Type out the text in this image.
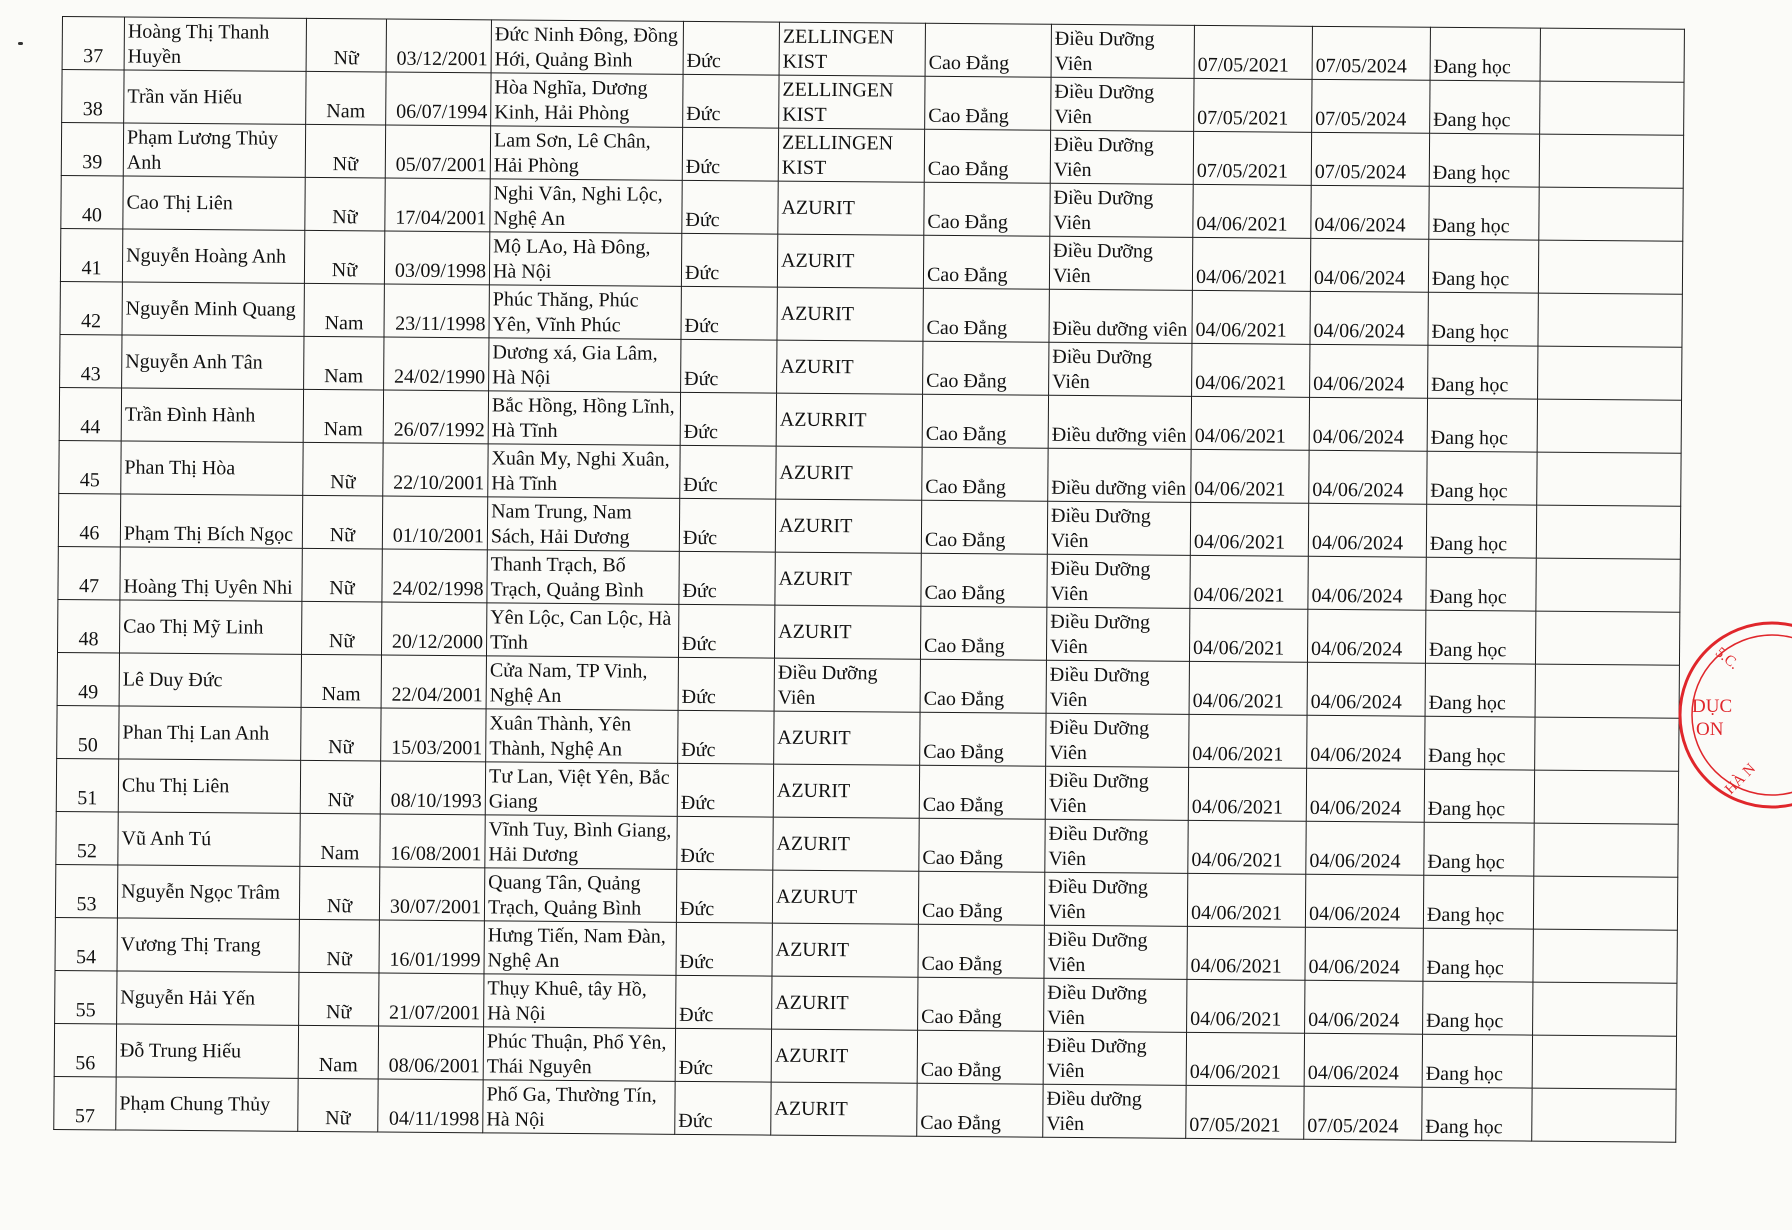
37	Hoàng Thị Thanh Huyền	Nữ	03/12/2001	Đức Ninh Đông, Đồng Hới, Quảng Bình	Đức	ZELLINGEN KIST	Cao Đẳng	Điều Dưỡng Viên	07/05/2021	07/05/2024	Đang học	
38	Trần văn Hiếu	Nam	06/07/1994	Hòa Nghĩa, Dương Kinh, Hải Phòng	Đức	ZELLINGEN KIST	Cao Đẳng	Điều Dưỡng Viên	07/05/2021	07/05/2024	Đang học	
39	Phạm Lương Thủy Anh	Nữ	05/07/2001	Lam Sơn, Lê Chân, Hải Phòng	Đức	ZELLINGEN KIST	Cao Đẳng	Điều Dưỡng Viên	07/05/2021	07/05/2024	Đang học	
40	Cao Thị Liên	Nữ	17/04/2001	Nghi Vân, Nghi Lộc, Nghệ An	Đức	AZURIT	Cao Đẳng	Điều Dưỡng Viên	04/06/2021	04/06/2024	Đang học	
41	Nguyễn Hoàng Anh	Nữ	03/09/1998	Mộ LAo, Hà Đông, Hà Nội	Đức	AZURIT	Cao Đẳng	Điều Dưỡng Viên	04/06/2021	04/06/2024	Đang học	
42	Nguyễn Minh Quang	Nam	23/11/1998	Phúc Thăng, Phúc Yên, Vĩnh Phúc	Đức	AZURIT	Cao Đẳng	Điều dưỡng viên	04/06/2021	04/06/2024	Đang học	
43	Nguyễn Anh Tân	Nam	24/02/1990	Dương xá, Gia Lâm, Hà Nội	Đức	AZURIT	Cao Đẳng	Điều Dưỡng Viên	04/06/2021	04/06/2024	Đang học	
44	Trần Đình Hành	Nam	26/07/1992	Bắc Hồng, Hồng Lĩnh, Hà Tĩnh	Đức	AZURRIT	Cao Đẳng	Điều dưỡng viên	04/06/2021	04/06/2024	Đang học	
45	Phan Thị Hòa	Nữ	22/10/2001	Xuân My, Nghi Xuân, Hà Tĩnh	Đức	AZURIT	Cao Đẳng	Điều dưỡng viên	04/06/2021	04/06/2024	Đang học	
46	Phạm Thị Bích Ngọc	Nữ	01/10/2001	Nam Trung, Nam Sách, Hải Dương	Đức	AZURIT	Cao Đẳng	Điều Dưỡng Viên	04/06/2021	04/06/2024	Đang học	
47	Hoàng Thị Uyên Nhi	Nữ	24/02/1998	Thanh Trạch, Bố Trạch, Quảng Bình	Đức	AZURIT	Cao Đẳng	Điều Dưỡng Viên	04/06/2021	04/06/2024	Đang học	
48	Cao Thị Mỹ Linh	Nữ	20/12/2000	Yên Lộc, Can Lộc, Hà Tĩnh	Đức	AZURIT	Cao Đẳng	Điều Dưỡng Viên	04/06/2021	04/06/2024	Đang học	
49	Lê Duy Đức	Nam	22/04/2001	Cửa Nam, TP Vinh, Nghệ An	Đức	Điều Dưỡng Viên	Cao Đẳng	Điều Dưỡng Viên	04/06/2021	04/06/2024	Đang học	
50	Phan Thị Lan Anh	Nữ	15/03/2001	Xuân Thành, Yên Thành, Nghệ An	Đức	AZURIT	Cao Đẳng	Điều Dưỡng Viên	04/06/2021	04/06/2024	Đang học	
51	Chu Thị Liên	Nữ	08/10/1993	Tư Lan, Việt Yên, Bắc Giang	Đức	AZURIT	Cao Đẳng	Điều Dưỡng Viên	04/06/2021	04/06/2024	Đang học	
52	Vũ Anh Tú	Nam	16/08/2001	Vĩnh Tuy, Bình Giang, Hải Dương	Đức	AZURIT	Cao Đẳng	Điều Dưỡng Viên	04/06/2021	04/06/2024	Đang học	
53	Nguyễn Ngọc Trâm	Nữ	30/07/2001	Quang Tân, Quảng Trạch, Quảng Bình	Đức	AZURUT	Cao Đẳng	Điều Dưỡng Viên	04/06/2021	04/06/2024	Đang học	
54	Vương Thị Trang	Nữ	16/01/1999	Hưng Tiến, Nam Đàn, Nghệ An	Đức	AZURIT	Cao Đẳng	Điều Dưỡng Viên	04/06/2021	04/06/2024	Đang học	
55	Nguyễn Hải Yến	Nữ	21/07/2001	Thụy Khuê, tây Hồ, Hà Nội	Đức	AZURIT	Cao Đẳng	Điều Dưỡng Viên	04/06/2021	04/06/2024	Đang học	
56	Đỗ Trung Hiếu	Nam	08/06/2001	Phúc Thuận, Phổ Yên, Thái Nguyên	Đức	AZURIT	Cao Đẳng	Điều Dưỡng Viên	04/06/2021	04/06/2024	Đang học	
57	Phạm Chung Thủy	Nữ	04/11/1998	Phố Ga, Thường Tín, Hà Nội	Đức	AZURIT	Cao Đẳng	Điều dưỡng Viên	07/05/2021	07/05/2024	Đang học	
DỤC
ON
5.C.
HÀ N
